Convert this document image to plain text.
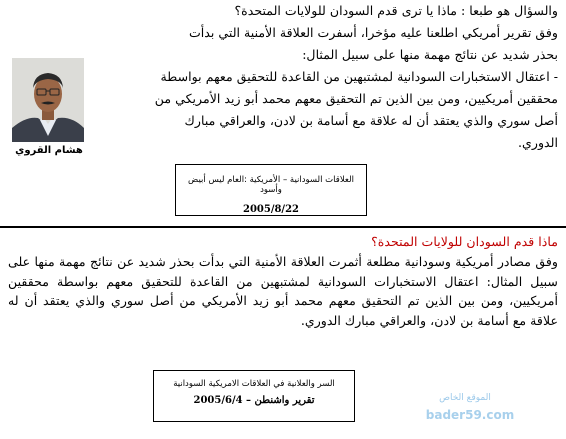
هشام القروي
والسؤال هو طبعا : ماذا يا ترى قدم السودان للولايات المتحدة؟
وفق تقرير أمريكي اطلعنا عليه مؤخرا، أسفرت العلاقة الأمنية التي بدأت
بحذر شديد عن نتائج مهمة منها على سبيل المثال:
- اعتقال الاستخبارات السودانية لمشتبهين من القاعدة للتحقيق معهم بواسطة
محققين أمريكيين، ومن بين الذين تم التحقيق معهم محمد أبو زيد الأمريكي من
أصل سوري والذي يعتقد أن له علاقة مع أسامة بن لادن، والعراقي مبارك
الدوري.
العلاقات السودانية – الأمريكية :العام ليس أبيض وأسود
2005/8/22
ماذا قدم السودان للولايات المتحدة؟
وفق مصادر أمريكية وسودانية مطلعة أثمرت العلاقة الأمنية التي بدأت بحذر شديد عن نتائج مهمة منها على سبيل المثال: اعتقال الاستخبارات السودانية لمشتبهين من القاعدة للتحقيق معهم بواسطة محققين أمريكيين، ومن بين الذين تم التحقيق معهم محمد أبو زيد الأمريكي من أصل سوري والذي يعتقد أن له علاقة مع أسامة بن لادن، والعراقي مبارك الدوري.
السر والعلانية في العلاقات الامريكية السودانية
تقرير واشنطن – 2005/6/4	الموقع الخاص
bader59.com
